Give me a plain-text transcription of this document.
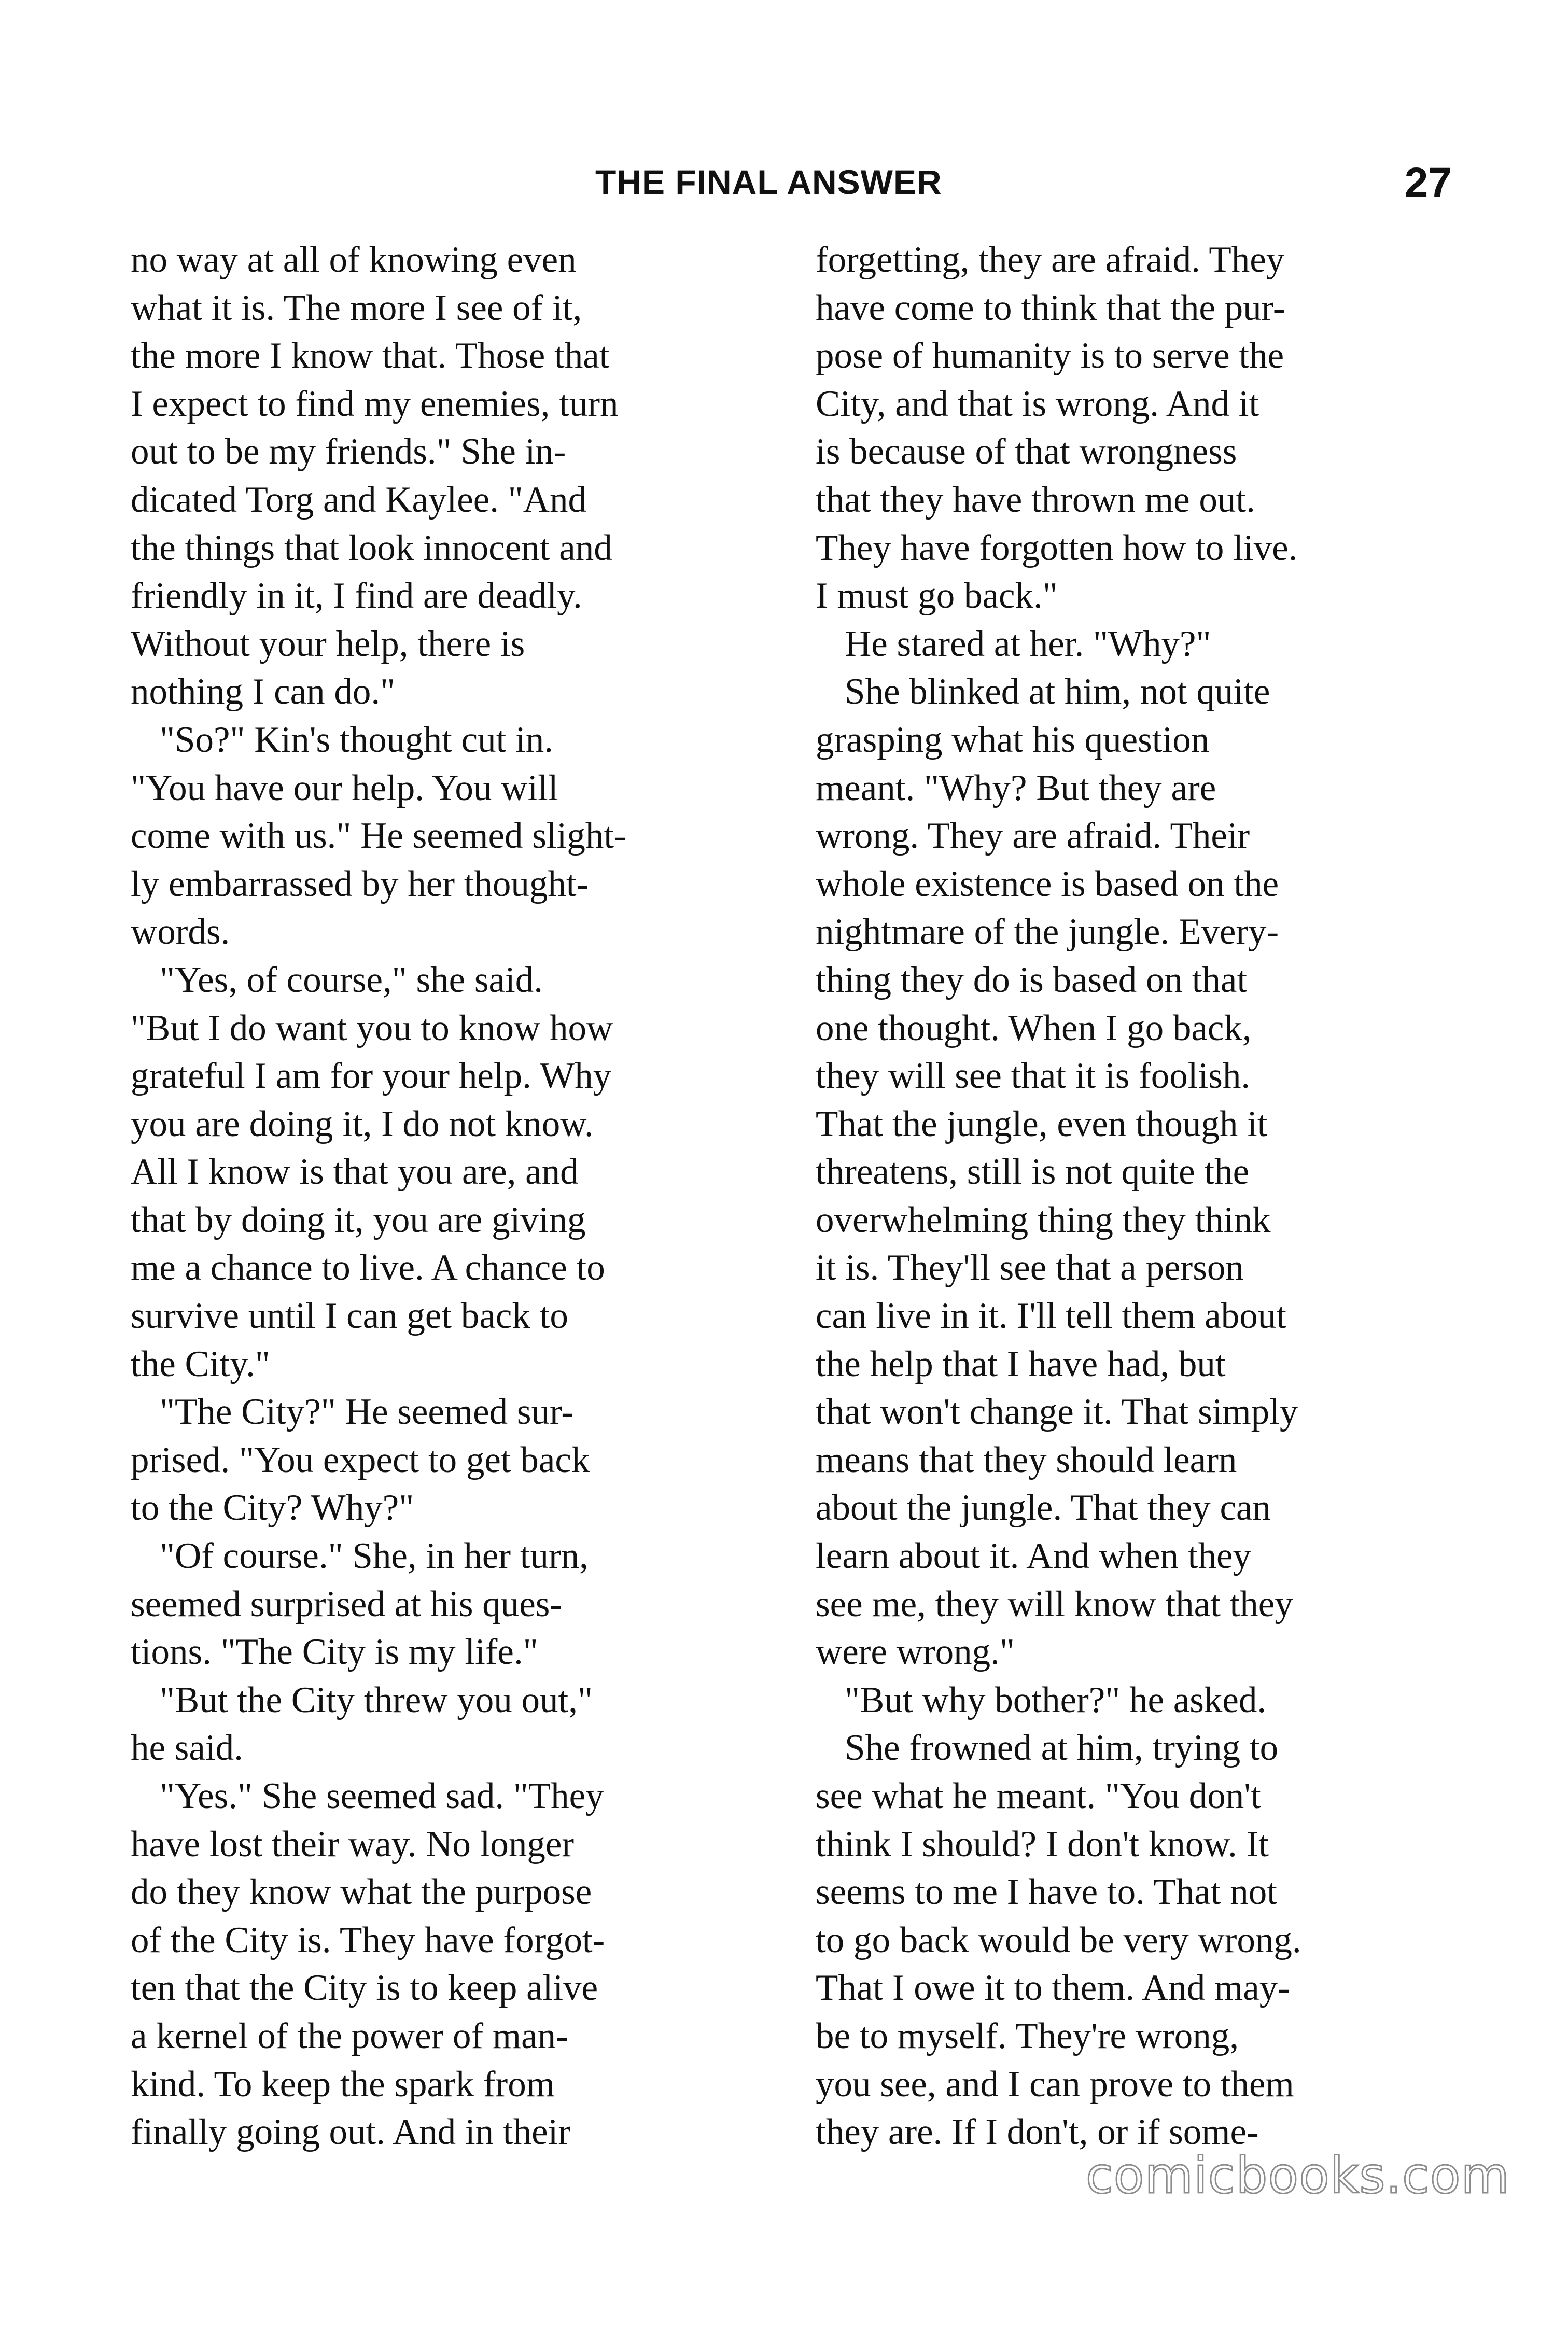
THE FINAL ANSWER	27
no way at all of knowing even
what it is. The more I see of it,
the more I know that. Those that
I expect to find my enemies, turn
out to be my friends." She in-
dicated Torg and Kaylee. "And
the things that look innocent and
friendly in it, I find are deadly.
Without your help, there is
nothing I can do."
"So?" Kin's thought cut in.
"You have our help. You will
come with us." He seemed slight-
ly embarrassed by her thought-
words.
"Yes, of course," she said.
"But I do want you to know how
grateful I am for your help. Why
you are doing it, I do not know.
All I know is that you are, and
that by doing it, you are giving
me a chance to live. A chance to
survive until I can get back to
the City."
"The City?" He seemed sur-
prised. "You expect to get back
to the City? Why?"
"Of course." She, in her turn,
seemed surprised at his ques-
tions. "The City is my life."
"But the City threw you out,"
he said.
"Yes." She seemed sad. "They
have lost their way. No longer
do they know what the purpose
of the City is. They have forgot-
ten that the City is to keep alive
a kernel of the power of man-
kind. To keep the spark from
finally going out. And in their
forgetting, they are afraid. They
have come to think that the pur-
pose of humanity is to serve the
City, and that is wrong. And it
is because of that wrongness
that they have thrown me out.
They have forgotten how to live.
I must go back."
He stared at her. "Why?"
She blinked at him, not quite
grasping what his question
meant. "Why? But they are
wrong. They are afraid. Their
whole existence is based on the
nightmare of the jungle. Every-
thing they do is based on that
one thought. When I go back,
they will see that it is foolish.
That the jungle, even though it
threatens, still is not quite the
overwhelming thing they think
it is. They'll see that a person
can live in it. I'll tell them about
the help that I have had, but
that won't change it. That simply
means that they should learn
about the jungle. That they can
learn about it. And when they
see me, they will know that they
were wrong."
"But why bother?" he asked.
She frowned at him, trying to
see what he meant. "You don't
think I should? I don't know. It
seems to me I have to. That not
to go back would be very wrong.
That I owe it to them. And may-
be to myself. They're wrong,
you see, and I can prove to them
they are. If I don't, or if some-
comicbooks.com
